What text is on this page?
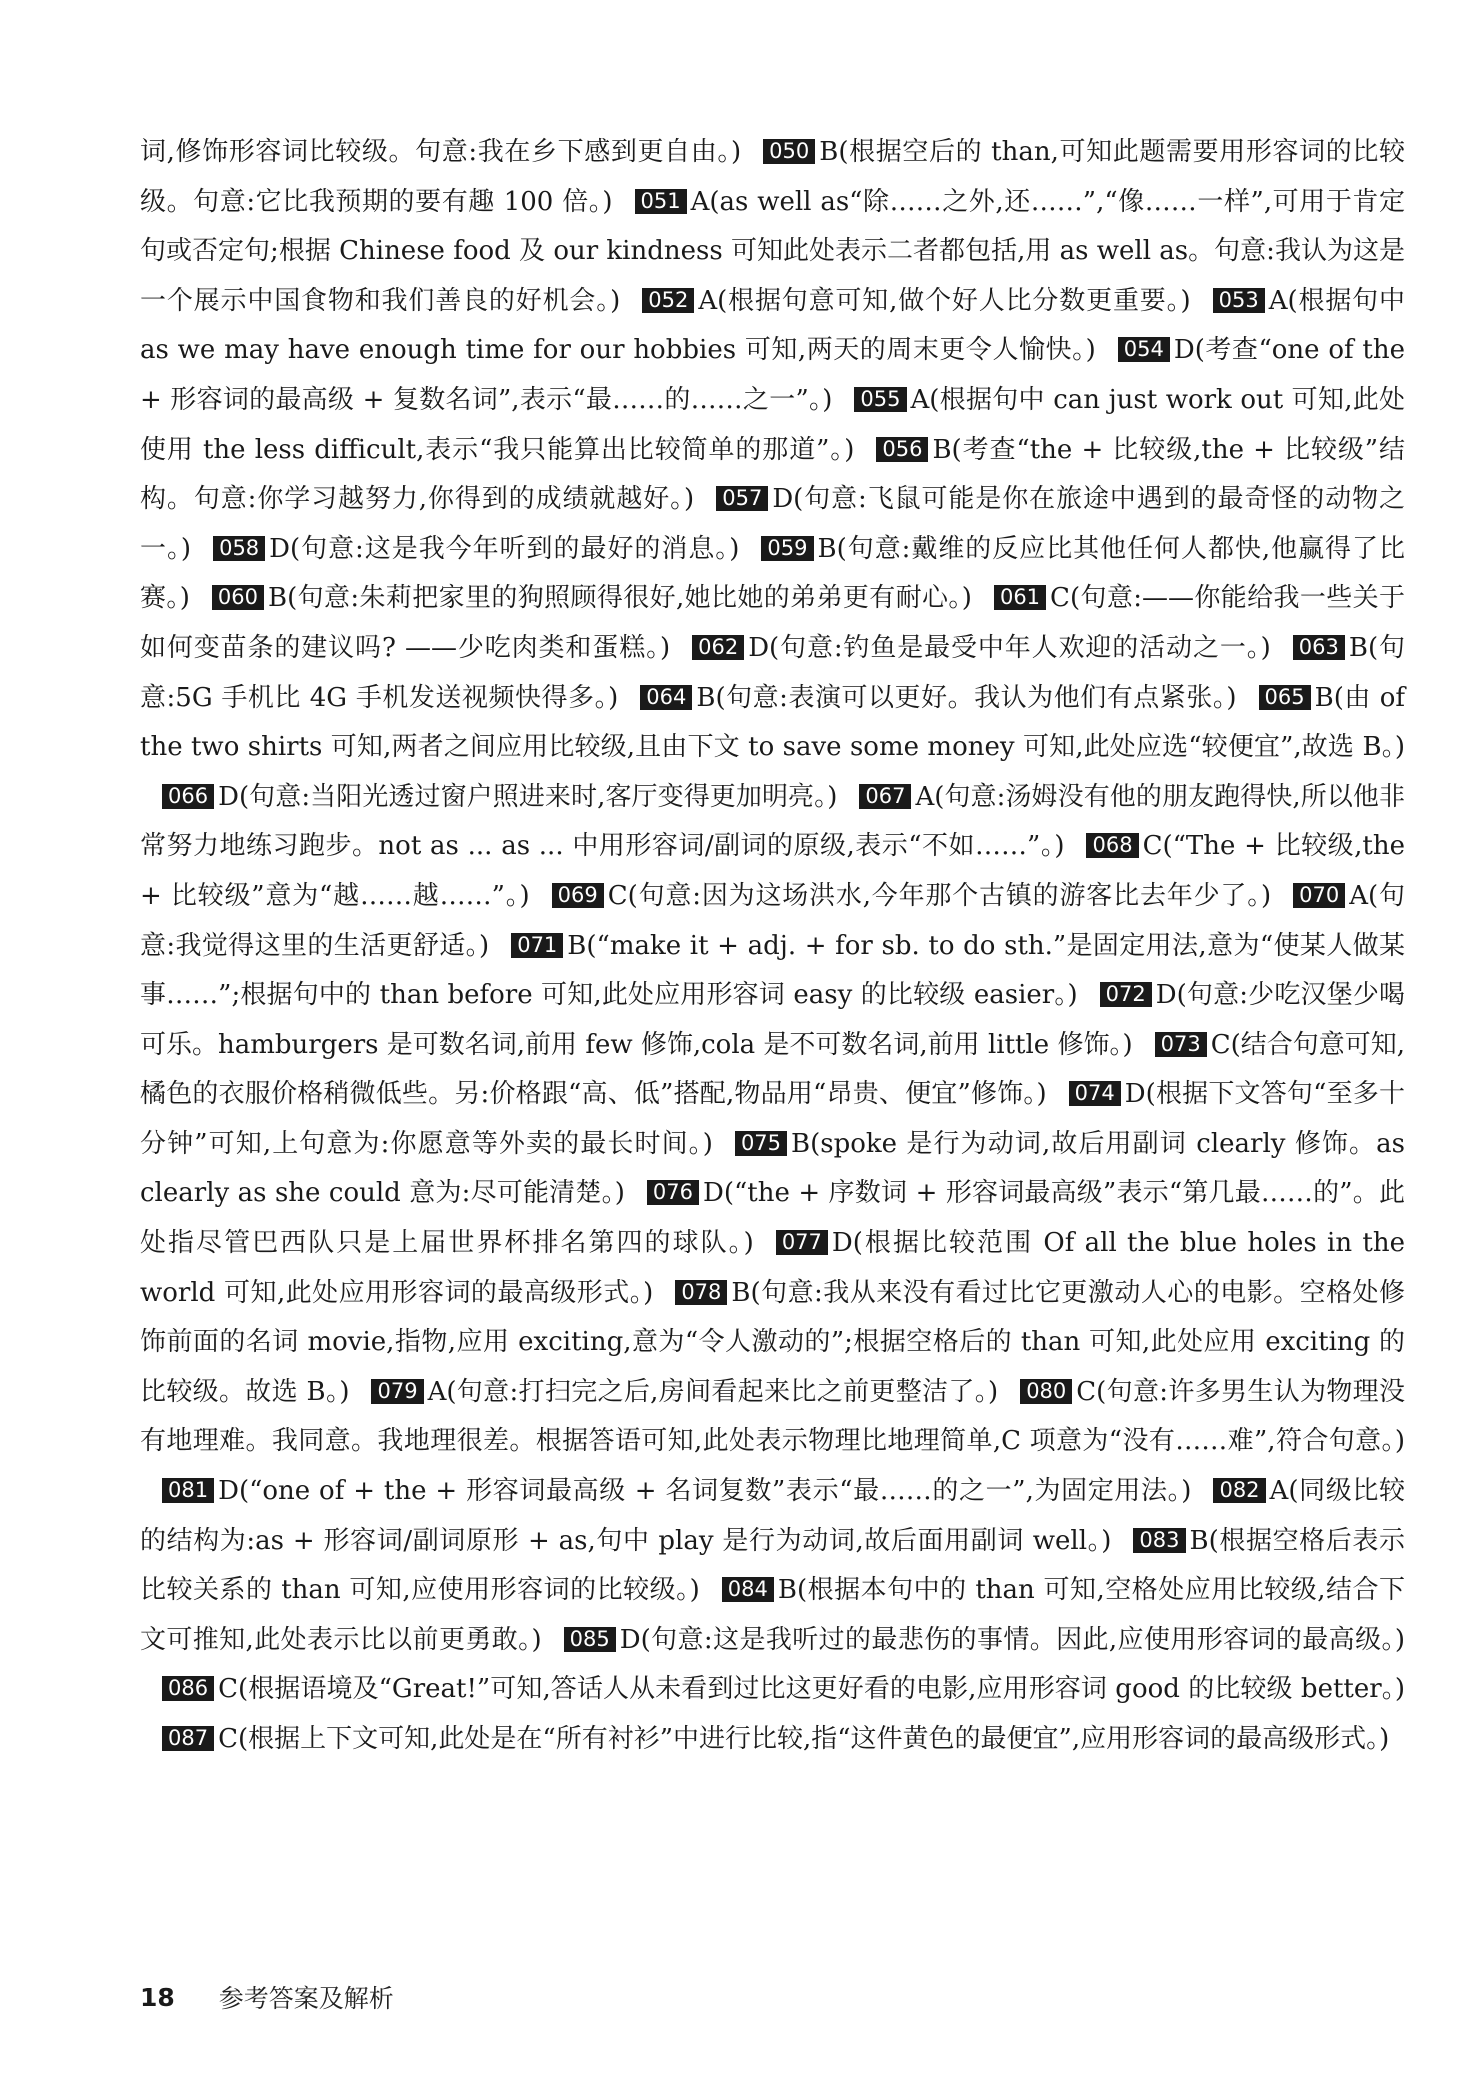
词,修饰形容词比较级。句意:我在乡下感到更自由。) 050 B(根据空后的 than,可知此题需要用形容词的比较级。句意:它比我预期的要有趣 100 倍。) 051 A(as well as“除……之外,还……”,“像……一样”,可用于肯定句或否定句;根据 Chinese food 及 our kindness 可知此处表示二者都包括,用 as well as。句意:我认为这是一个展示中国食物和我们善良的好机会。) 052 A(根据句意可知,做个好人比分数更重要。) 053 A(根据句中 as we may have enough time for our hobbies 可知,两天的周末更令人愉快。) 054 D(考查“one of the + 形容词的最高级 + 复数名词”,表示“最……的……之一”。) 055 A(根据句中 can just work out 可知,此处使用 the less difficult,表示“我只能算出比较简单的那道”。) 056 B(考查“the + 比较级,the + 比较级”结构。句意:你学习越努力,你得到的成绩就越好。) 057 D(句意:飞鼠可能是你在旅途中遇到的最奇怪的动物之一。) 058 D(句意:这是我今年听到的最好的消息。) 059 B(句意:戴维的反应比其他任何人都快,他赢得了比赛。) 060 B(句意:朱莉把家里的狗照顾得很好,她比她的弟弟更有耐心。) 061 C(句意:——你能给我一些关于如何变苗条的建议吗? ——少吃肉类和蛋糕。) 062 D(句意:钓鱼是最受中年人欢迎的活动之一。) 063 B(句意:5G 手机比 4G 手机发送视频快得多。) 064 B(句意:表演可以更好。我认为他们有点紧张。) 065 B(由 of the two shirts 可知,两者之间应用比较级,且由下文 to save some money 可知,此处应选“较便宜”,故选 B。)066 D(句意:当阳光透过窗户照进来时,客厅变得更加明亮。) 067 A(句意:汤姆没有他的朋友跑得快,所以他非常努力地练习跑步。not as ... as ... 中用形容词/副词的原级,表示“不如……”。) 068 C(“The + 比较级,the + 比较级”意为“越……越……”。) 069 C(句意:因为这场洪水,今年那个古镇的游客比去年少了。) 070 A(句意:我觉得这里的生活更舒适。) 071 B(“make it + adj. + for sb. to do sth.”是固定用法,意为“使某人做某事……”;根据句中的 than before 可知,此处应用形容词 easy 的比较级 easier。) 072 D(句意:少吃汉堡少喝可乐。hamburgers 是可数名词,前用 few 修饰,cola 是不可数名词,前用 little 修饰。) 073 C(结合句意可知,橘色的衣服价格稍微低些。另:价格跟“高、低”搭配,物品用“昂贵、便宜”修饰。) 074 D(根据下文答句“至多十分钟”可知,上句意为:你愿意等外卖的最长时间。) 075 B(spoke 是行为动词,故后用副词 clearly 修饰。as clearly as she could 意为:尽可能清楚。) 076 D(“the + 序数词 + 形容词最高级”表示“第几最……的”。此处指尽管巴西队只是上届世界杯排名第四的球队。) 077 D(根据比较范围 Of all the blue holes in the world 可知,此处应用形容词的最高级形式。) 078 B(句意:我从来没有看过比它更激动人心的电影。空格处修饰前面的名词 movie,指物,应用 exciting,意为“令人激动的”;根据空格后的 than 可知,此处应用 exciting 的比较级。故选 B。) 079 A(句意:打扫完之后,房间看起来比之前更整洁了。) 080 C(句意:许多男生认为物理没有地理难。我同意。我地理很差。根据答语可知,此处表示物理比地理简单,C 项意为“没有……难”,符合句意。)081 D(“one of + the + 形容词最高级 + 名词复数”表示“最……的之一”,为固定用法。) 082 A(同级比较的结构为:as + 形容词/副词原形 + as,句中 play 是行为动词,故后面用副词 well。) 083 B(根据空格后表示比较关系的 than 可知,应使用形容词的比较级。) 084 B(根据本句中的 than 可知,空格处应用比较级,结合下文可推知,此处表示比以前更勇敢。) 085 D(句意:这是我听过的最悲伤的事情。因此,应使用形容词的最高级。)086 C(根据语境及“Great!”可知,答话人从未看到过比这更好看的电影,应用形容词 good 的比较级 better。)087 C(根据上下文可知,此处是在“所有衬衫”中进行比较,指“这件黄色的最便宜”,应用形容词的最高级形式。)
18 参考答案及解析
